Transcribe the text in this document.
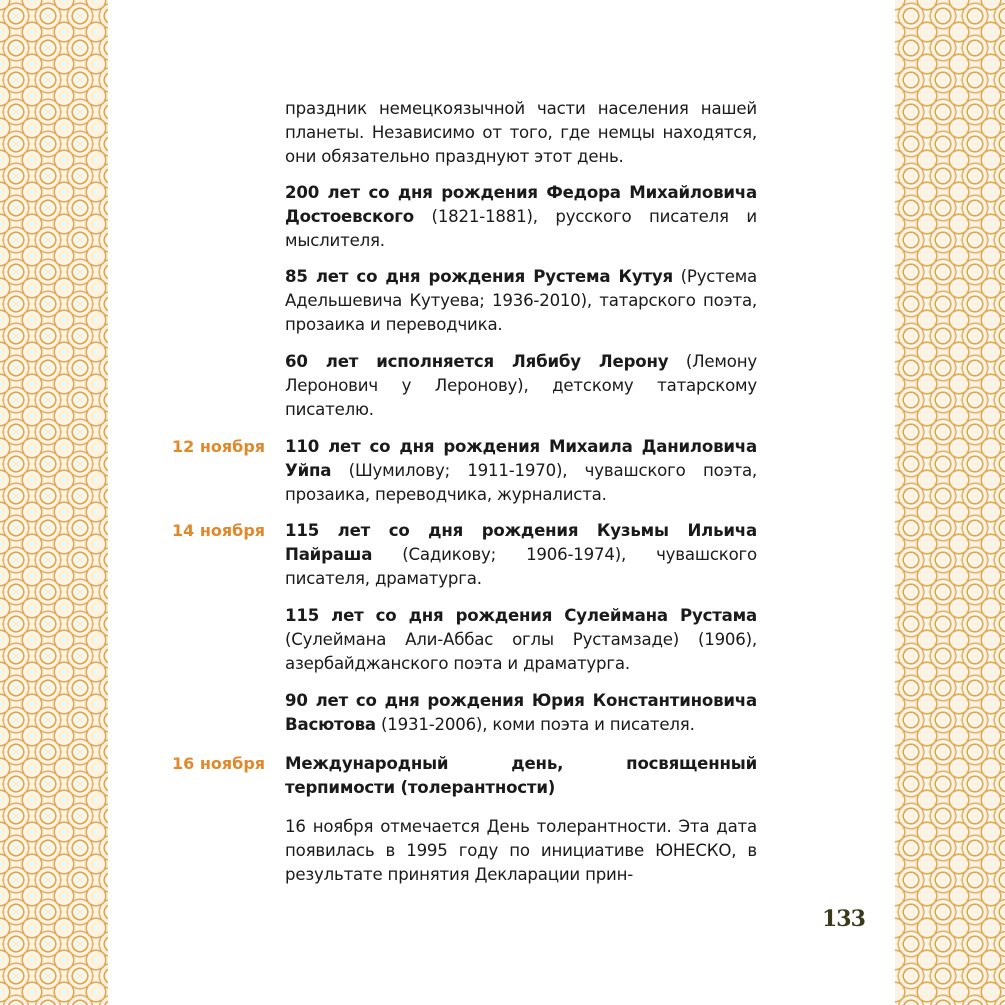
праздник немецкоязычной части населения нашей планеты. Независимо от того, где немцы находятся, они обязательно празднуют этот день.
200 лет со дня рождения Федора Михайловича Достоевского (1821-1881), русского писателя и мыслителя.
85 лет со дня рождения Рустема Кутуя (Рустема Адельшевича Кутуева; 1936-2010), татарского поэта, прозаика и переводчика.
60 лет исполняется Лябибу Лерону (Лемону Леронович у Леронову), детскому татарскому писателю.
12 ноября	110 лет со дня рождения Михаила Даниловича Уйпа (Шумилову; 1911-1970), чувашского поэта, прозаика, переводчика, журналиста.
14 ноября	115 лет со дня рождения Кузьмы Ильича Пайраша (Садикову; 1906-1974), чувашского писателя, драматурга.
115 лет со дня рождения Сулеймана Рустама (Сулеймана Али-Аббас оглы Рустамзаде) (1906), азербайджанского поэта и драматурга.
90 лет со дня рождения Юрия Константиновича Васютова (1931-2006), коми поэта и писателя.
16 ноября	Международный день, посвященный терпимости (толерантности)
16 ноября отмечается День толерантности. Эта дата появилась в 1995 году по инициативе ЮНЕСКО, в результате принятия Декларации прин-
133
